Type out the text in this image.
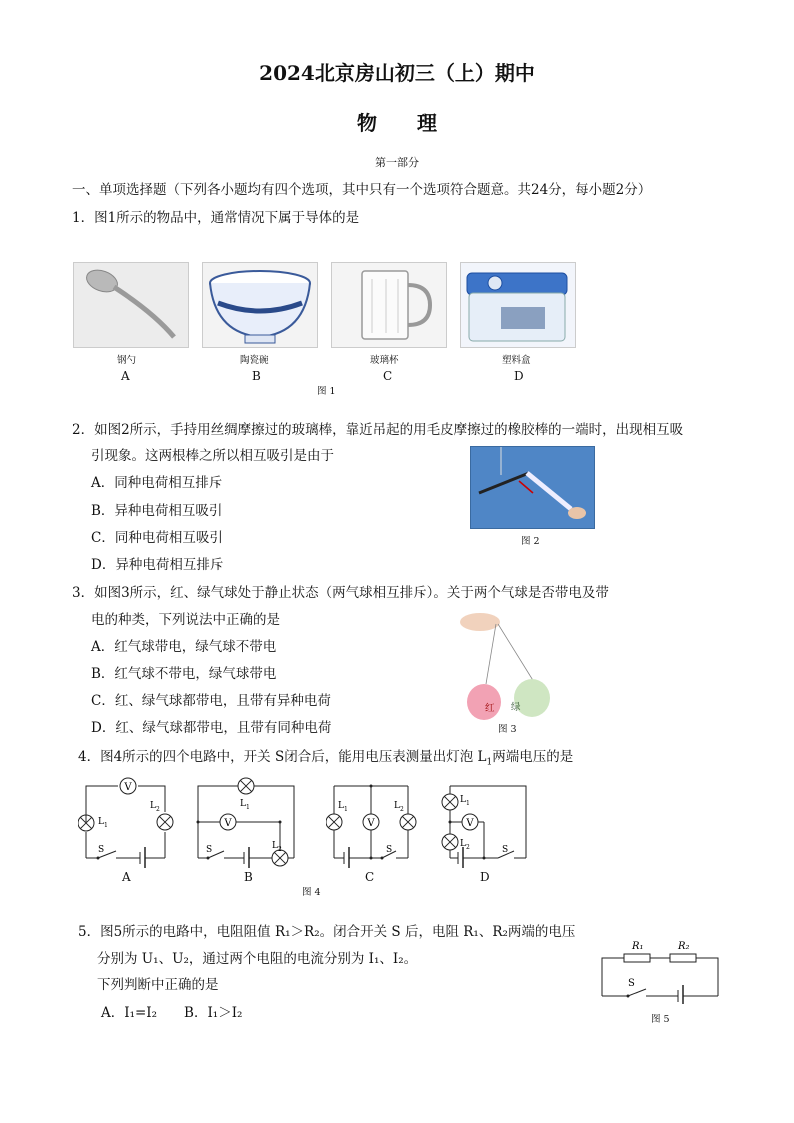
2024北京房山初三（上）期中
物　　理
第一部分
一、单项选择题（下列各小题均有四个选项，其中只有一个选项符合题意。共24分，每小题2分）
1．图1所示的物品中，通常情况下属于导体的是
钢勺	陶瓷碗	玻璃杯	塑料盒
A	B	C	D
图 1
2．如图2所示，手持用丝绸摩擦过的玻璃棒，靠近吊起的用毛皮摩擦过的橡胶棒的一端时，出现相互吸
引现象。这两根棒之所以相互吸引是由于
A．同种电荷相互排斥
B．异种电荷相互吸引
C．同种电荷相互吸引
D．异种电荷相互排斥
图 2
3．如图3所示，红、绿气球处于静止状态（两气球相互排斥）。关于两个气球是否带电及带
电的种类，下列说法中正确的是
A．红气球带电，绿气球不带电
B．红气球不带电，绿气球带电
C．红、绿气球都带电，且带有异种电荷
D．红、绿气球都带电，且带有同种电荷
红 绿
图 3
4．图4所示的四个电路中，开关 S闭合后，能用电压表测量出灯泡 $L_1$两端电压的是
V
L 1
L 2
S
A
V
L 1
L 2
S
B
V
L 1	L 2
S
C
V
L 1
L 2	S
D
图 4
5．图5所示的电路中，电阻阻值 R₁＞R₂。闭合开关 S 后，电阻 R₁、R₂两端的电压
分别为 U₁、U₂，通过两个电阻的电流分别为 I₁、I₂。
下列判断中正确的是
A．I₁=I₂　　B．I₁＞I₂
R₁	R₂
S
图 5
